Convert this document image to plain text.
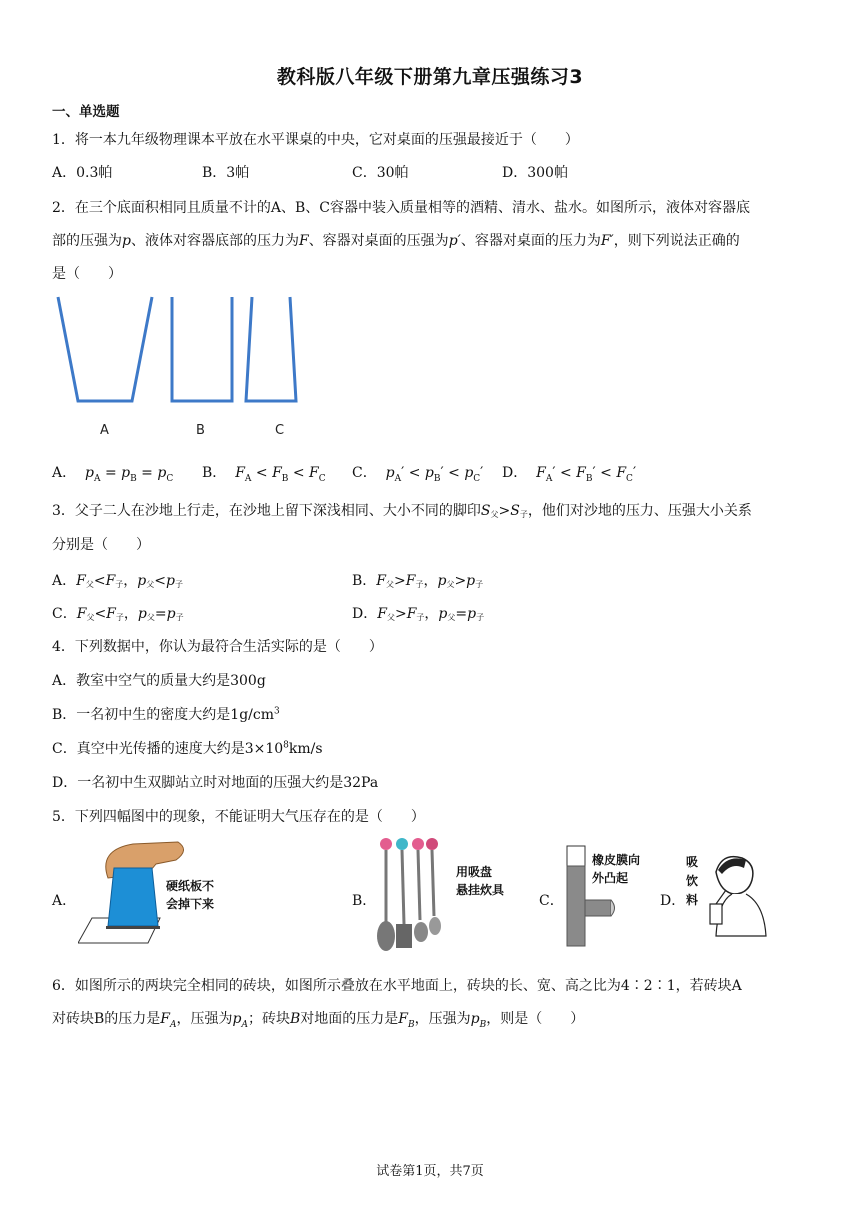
教科版八年级下册第九章压强练习3
一、单选题
1．将一本九年级物理课本平放在水平课桌的中央，它对桌面的压强最接近于（　　）
A．0.3帕	B．3帕	C．30帕	D．300帕
2．在三个底面积相同且质量不计的A、B、C容器中装入质量相等的酒精、清水、盐水。如图所示，液体对容器底
部的压强为p、液体对容器底部的压力为F、容器对桌面的压强为p′、容器对桌面的压力为F′，则下列说法正确的
是（　　）
A	B	C
A． $p_A = p_B = p_C$ B． $F_A < F_B < F_C$ C． $p_A' < p_B' < p_C'$ D． $F_A' < F_B' < F_C'$
3．父子二人在沙地上行走，在沙地上留下深浅相同、大小不同的脚印S父>S子，他们对沙地的压力、压强大小关系
分别是（　　）
A．F父<F子，p父<p子	B．F父>F子，p父>p子
C．F父<F子，p父=p子	D．F父>F子，p父=p子
4．下列数据中，你认为最符合生活实际的是（　　）
A．教室中空气的质量大约是300g
B．一名初中生的密度大约是$1g/cm^3$
C．真空中光传播的速度大约是$3\times 10^8km/s$
D．一名初中生双脚站立时对地面的压强大约是32Pa
5．下列四幅图中的现象，不能证明大气压存在的是（　　）
A．
硬纸板不
会掉下来	B．
用吸盘
悬挂炊具
C．
橡皮膜向
外凸起
D．
吸
饮
料
6．如图所示的两块完全相同的砖块，如图所示叠放在水平地面上，砖块的长、宽、高之比为4∶2∶1，若砖块A
对砖块B的压力是$F_A$，压强为$p_A$；砖块B对地面的压力是$F_B$，压强为$p_B$，则是（　　）
试卷第1页，共7页
